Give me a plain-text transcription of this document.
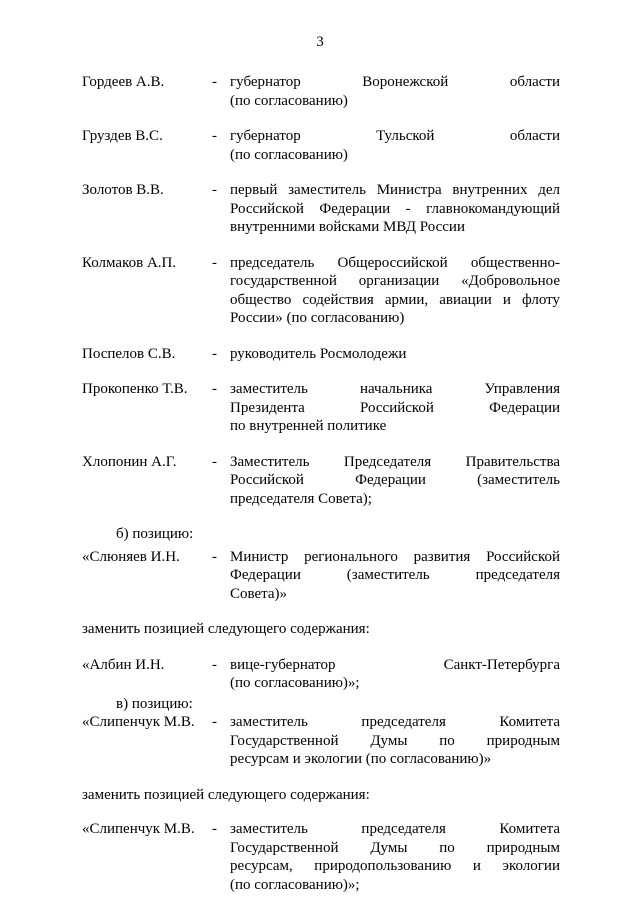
3
Гордеев А.В.	- губернатор Воронежской области
(по согласованию)
Груздев В.С.	- губернатор Тульской области
(по согласованию)
Золотов В.В.	- первый заместитель Министра внутренних дел
Российской Федерации - главнокомандующий
внутренними войсками МВД России
Колмаков А.П.	- председатель Общероссийской общественно-
государственной организации «Добровольное
общество содействия армии, авиации и флоту
России» (по согласованию)
Поспелов С.В.	- руководитель Росмолодежи
Прокопенко Т.В.	- заместитель начальника Управления
Президента Российской Федерации
по внутренней политике
Хлопонин А.Г.	- Заместитель Председателя Правительства
Российской Федерации (заместитель
председателя Совета);
б) позицию:
«Слюняев И.Н.	- Министр регионального развития Российской
Федерации (заместитель председателя
Совета)»
заменить позицией следующего содержания:
«Албин И.Н.	- вице-губернатор Санкт-Петербурга
(по согласованию)»;
в) позицию:
«Слипенчук М.В.	- заместитель председателя Комитета
Государственной Думы по природным
ресурсам и экологии (по согласованию)»
заменить позицией следующего содержания:
«Слипенчук М.В.	- заместитель председателя Комитета
Государственной Думы по природным
ресурсам, природопользованию и экологии
(по согласованию)»;
